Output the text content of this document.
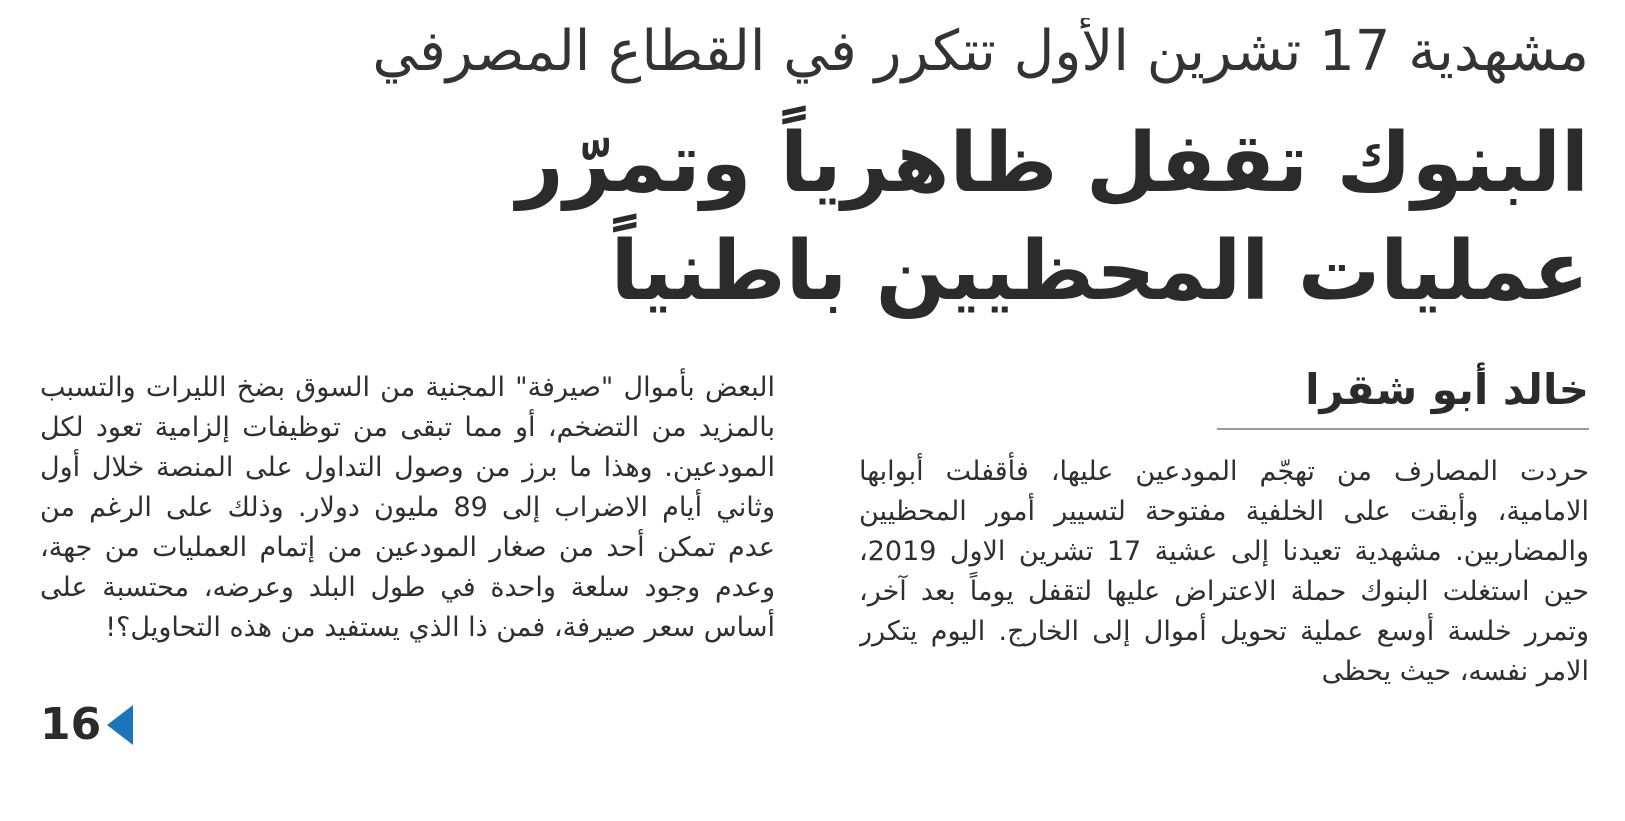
مشهدية 17 تشرين الأول تتكرر في القطاع المصرفي
البنوك تقفل ظاهرياً وتمرّر عمليات المحظيين باطنياً

خالد أبو شقرا

حردت المصارف من تهجّم المودعين عليها، فأقفلت أبوابها الامامية، وأبقت على الخلفية مفتوحة لتسيير أمور المحظيين والمضاربين. مشهدية تعيدنا إلى عشية 17 تشرين الاول 2019، حين استغلت البنوك حملة الاعتراض عليها لتقفل يوماً بعد آخر، وتمرر خلسة أوسع عملية تحويل أموال إلى الخارج. اليوم يتكرر الامر نفسه، حيث يحظى

البعض بأموال "صيرفة" المجنية من السوق بضخ الليرات والتسبب بالمزيد من التضخم، أو مما تبقى من توظيفات إلزامية تعود لكل المودعين. وهذا ما برز من وصول التداول على المنصة خلال أول وثاني أيام الاضراب إلى 89 مليون دولار. وذلك على الرغم من عدم تمكن أحد من صغار المودعين من إتمام العمليات من جهة، وعدم وجود سلعة واحدة في طول البلد وعرضه، محتسبة على أساس سعر صيرفة، فمن ذا الذي يستفيد من هذه التحاويل؟!

16
